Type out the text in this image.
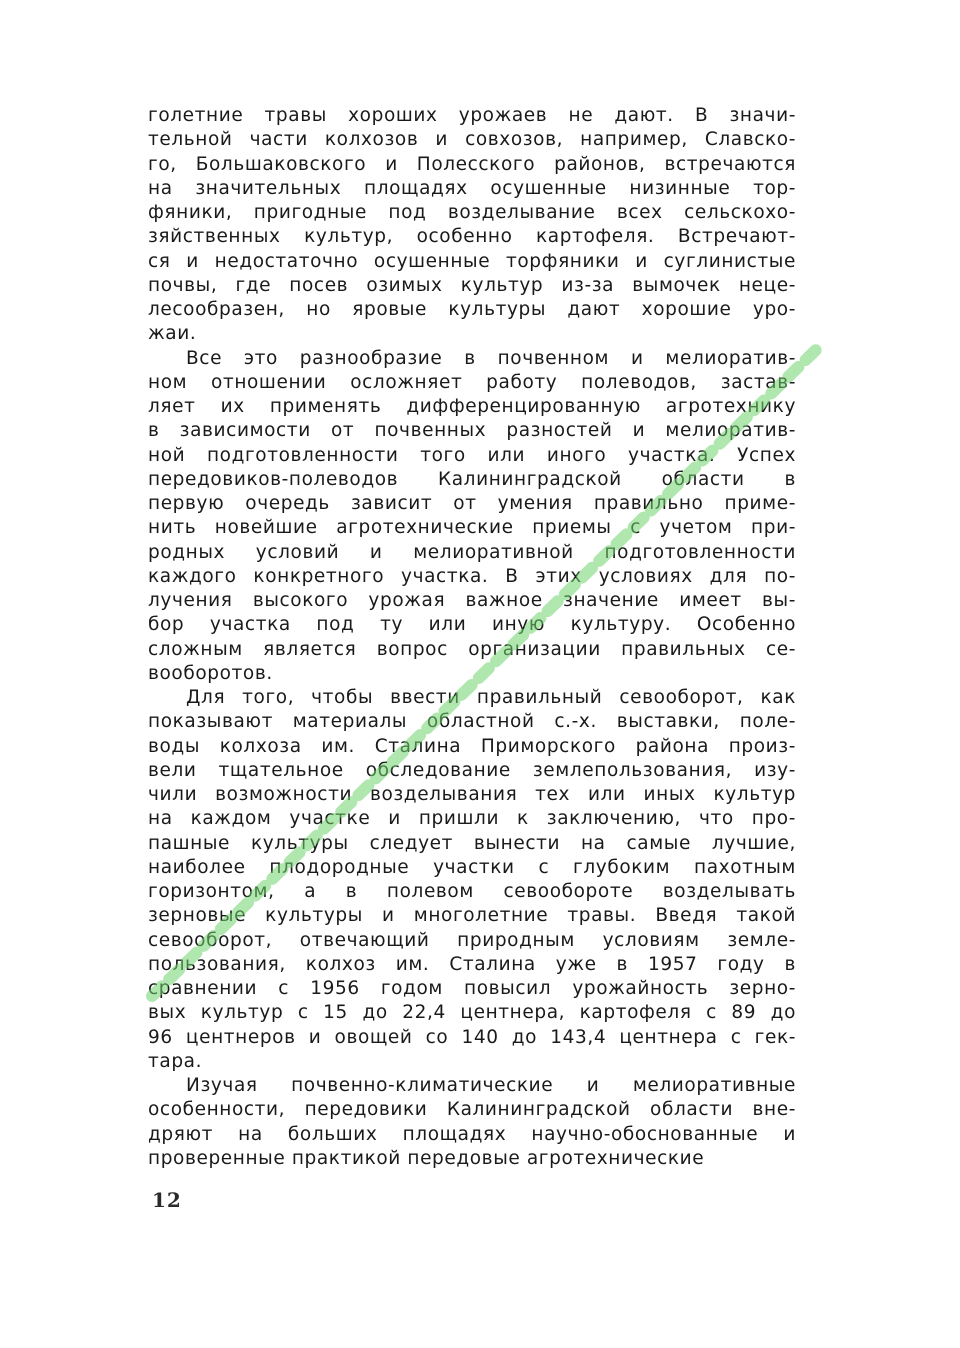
голетние травы хороших урожаев не дают. В значи-
тельной части колхозов и совхозов, например, Славско-
го, Большаковского и Полесского районов, встречаются
на значительных площадях осушенные низинные тор-
фяники, пригодные под возделывание всех сельскохо-
зяйственных культур, особенно картофеля. Встречают-
ся и недостаточно осушенные торфяники и суглинистые
почвы, где посев озимых культур из-за вымочек неце-
лесообразен, но яровые культуры дают хорошие уро-
жаи.
Все это разнообразие в почвенном и мелиоратив-
ном отношении осложняет работу полеводов, застав-
ляет их применять дифференцированную агротехнику
в зависимости от почвенных разностей и мелиоратив-
ной подготовленности того или иного участка. Успех
передовиков-полеводов Калининградской области в
первую очередь зависит от умения правильно приме-
нить новейшие агротехнические приемы с учетом при-
родных условий и мелиоративной подготовленности
каждого конкретного участка. В этих условиях для по-
лучения высокого урожая важное значение имеет вы-
бор участка под ту или иную культуру. Особенно
сложным является вопрос организации правильных се-
вооборотов.
Для того, чтобы ввести правильный севооборот, как
показывают материалы областной с.-х. выставки, поле-
воды колхоза им. Сталина Приморского района произ-
вели тщательное обследование землепользования, изу-
чили возможности возделывания тех или иных культур
на каждом участке и пришли к заключению, что про-
пашные культуры следует вынести на самые лучшие,
наиболее плодородные участки с глубоким пахотным
горизонтом, а в полевом севообороте возделывать
зерновые культуры и многолетние травы. Введя такой
севооборот, отвечающий природным условиям земле-
пользования, колхоз им. Сталина уже в 1957 году в
сравнении с 1956 годом повысил урожайность зерно-
вых культур с 15 до 22,4 центнера, картофеля с 89 до
96 центнеров и овощей со 140 до 143,4 центнера с гек-
тара.
Изучая почвенно-климатические и мелиоративные
особенности, передовики Калининградской области вне-
дряют на больших площадях научно-обоснованные и
проверенные практикой передовые агротехнические
12
